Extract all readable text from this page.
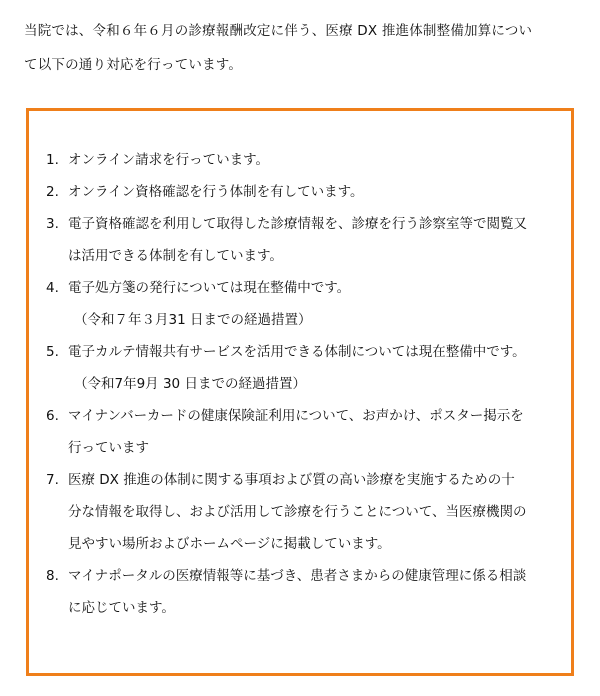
当院では、令和６年６月の診療報酬改定に伴う、医療 DX 推進体制整備加算につい
て以下の通り対応を行っています。
1. オンライン請求を行っています。
2. オンライン資格確認を行う体制を有しています。
3. 電子資格確認を利用して取得した診療情報を、診療を行う診察室等で閲覧又
は活用できる体制を有しています。
4. 電子処方箋の発行については現在整備中です。
（令和７年３月31 日までの経過措置）
5. 電子カルテ情報共有サービスを活用できる体制については現在整備中です。
（令和7年9月 30 日までの経過措置）
6. マイナンバーカードの健康保険証利用について、お声かけ、ポスター掲示を
行っています
7. 医療 DX 推進の体制に関する事項および質の高い診療を実施するための十
分な情報を取得し、および活用して診療を行うことについて、当医療機関の
見やすい場所およびホームページに掲載しています。
8. マイナポータルの医療情報等に基づき、患者さまからの健康管理に係る相談
に応じています。
